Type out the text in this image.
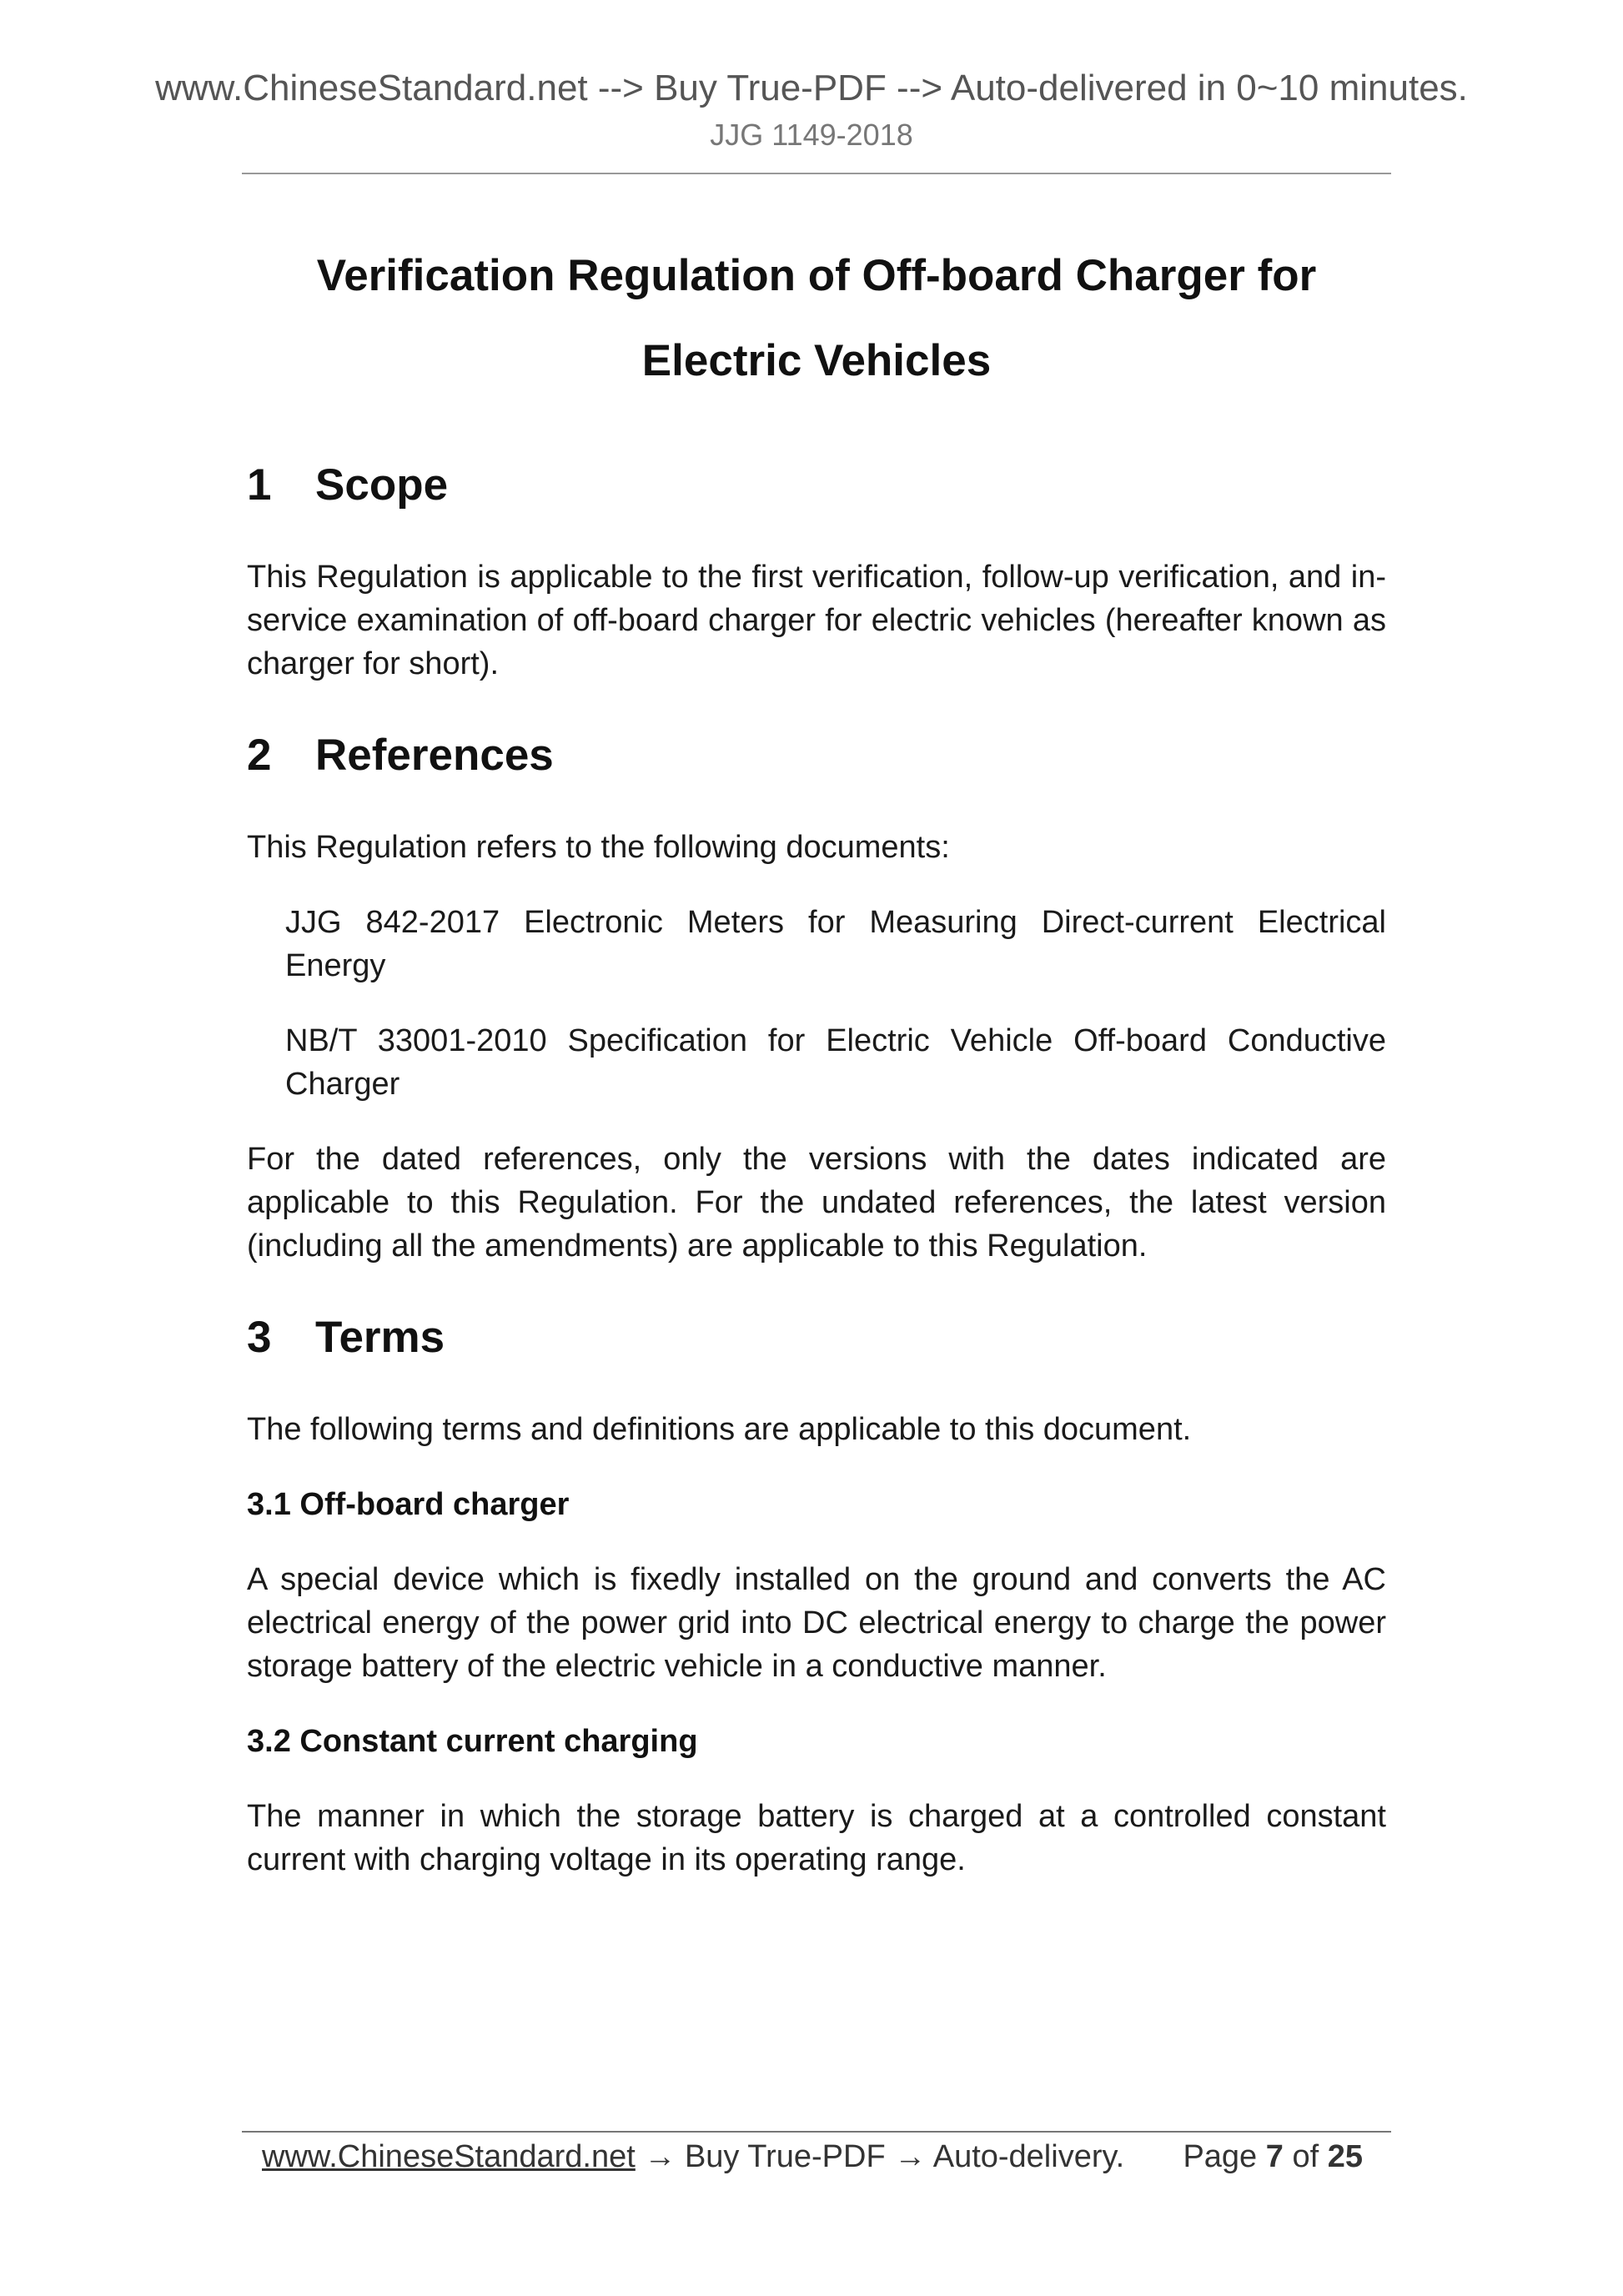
www.ChineseStandard.net --> Buy True-PDF --> Auto-delivered in 0~10 minutes.
JJG 1149-2018
Verification Regulation of Off-board Charger for
Electric Vehicles
1 Scope

This Regulation is applicable to the first verification, follow-up verification, and in-service examination of off-board charger for electric vehicles (hereafter known as charger for short).

2 References

This Regulation refers to the following documents:

JJG 842-2017 Electronic Meters for Measuring Direct-current Electrical Energy

NB/T 33001-2010 Specification for Electric Vehicle Off-board Conductive Charger

For the dated references, only the versions with the dates indicated are applicable to this Regulation. For the undated references, the latest version (including all the amendments) are applicable to this Regulation.

3 Terms

The following terms and definitions are applicable to this document.

3.1 Off-board charger

A special device which is fixedly installed on the ground and converts the AC electrical energy of the power grid into DC electrical energy to charge the power storage battery of the electric vehicle in a conductive manner.

3.2 Constant current charging

The manner in which the storage battery is charged at a controlled constant current with charging voltage in its operating range.

www.ChineseStandard.net → Buy True-PDF → Auto-delivery. Page 7 of 25
